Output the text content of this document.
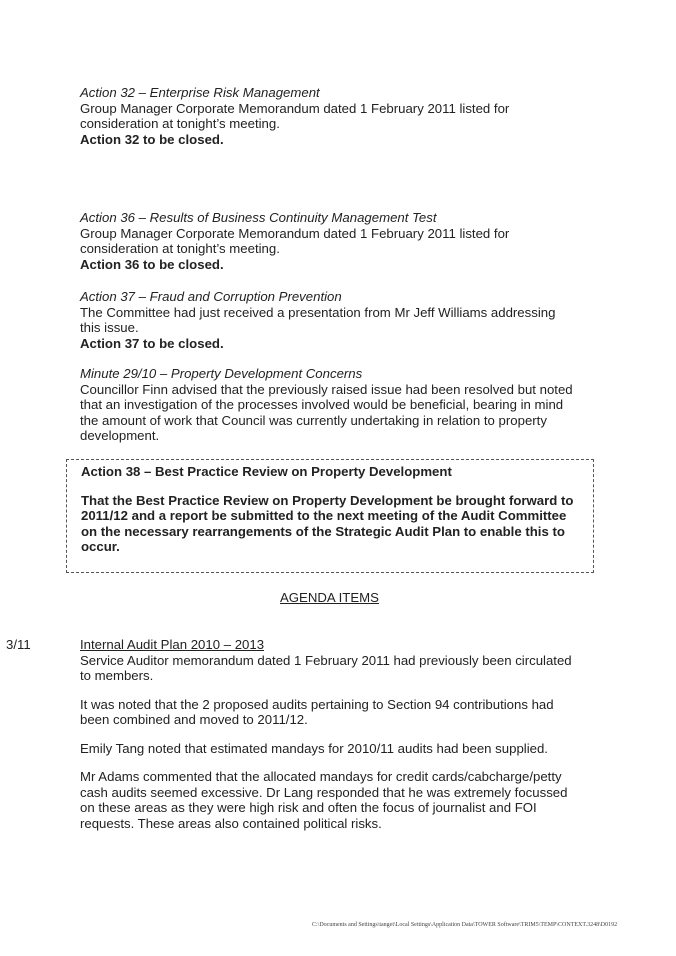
Action 32 – Enterprise Risk Management

Group Manager Corporate Memorandum dated 1 February 2011 listed for

consideration at tonight’s meeting.

Action 32 to be closed.

Action 36 – Results of Business Continuity Management Test

Group Manager Corporate Memorandum dated 1 February 2011 listed for

consideration at tonight’s meeting.

Action 36 to be closed.

Action 37 – Fraud and Corruption Prevention

The Committee had just received a presentation from Mr Jeff Williams addressing

this issue.

Action 37 to be closed.

Minute 29/10 – Property Development Concerns

Councillor Finn advised that the previously raised issue had been resolved but noted

that an investigation of the processes involved would be beneficial, bearing in mind

the amount of work that Council was currently undertaking in relation to property

development.

Action 38 – Best Practice Review on Property Development

That the Best Practice Review on Property Development be brought forward to
2011/12 and a report be submitted to the next meeting of the Audit Committee
on the necessary rearrangements of the Strategic Audit Plan to enable this to
occur.
AGENDA ITEMS
3/11	Internal Audit Plan 2010 – 2013

Service Auditor memorandum dated 1 February 2011 had previously been circulated

to members.

It was noted that the 2 proposed audits pertaining to Section 94 contributions had

been combined and moved to 2011/12.

Emily Tang noted that estimated mandays for 2010/11 audits had been supplied.

Mr Adams commented that the allocated mandays for credit cards/cabcharge/petty

cash audits seemed excessive. Dr Lang responded that he was extremely focussed

on these areas as they were high risk and often the focus of journalist and FOI

requests. These areas also contained political risks.

C:\Documents and Settings\tanget\Local Settings\Application Data\TOWER Software\TRIM5\TEMP\CONTEXT.3248\D0192
